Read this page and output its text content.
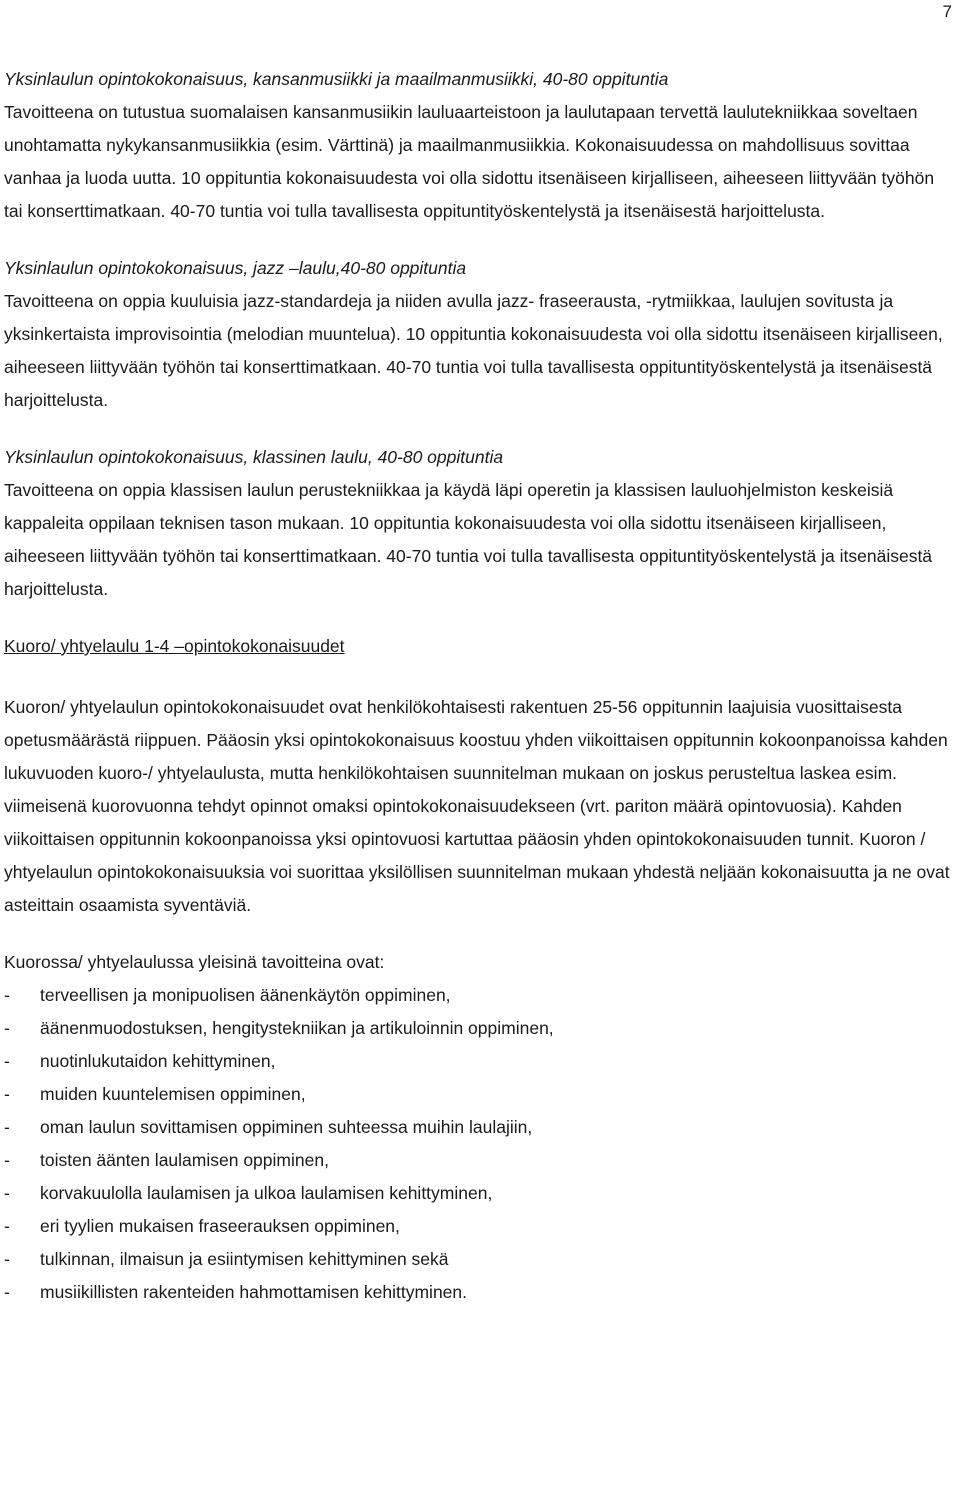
7

Yksinlaulun opintokokonaisuus, kansanmusiikki ja maailmanmusiikki, 40-80 oppituntia
Tavoitteena on tutustua suomalaisen kansanmusiikin lauluaarteistoon ja laulutapaan tervettä laulutekniikkaa soveltaen unohtamatta nykykansanmusiikkia (esim. Värttinä) ja maailmanmusiikkia. Kokonaisuudessa on mahdollisuus sovittaa vanhaa ja luoda uutta. 10 oppituntia kokonaisuudesta voi olla sidottu itsenäiseen kirjalliseen, aiheeseen liittyvään työhön tai konserttimatkaan. 40-70 tuntia voi tulla tavallisesta oppituntityöskentelystä ja itsenäisestä harjoittelusta.

Yksinlaulun opintokokonaisuus, jazz –laulu,40-80 oppituntia
Tavoitteena on oppia kuuluisia jazz-standardeja ja niiden avulla jazz- fraseerausta, -rytmiikkaa, laulujen sovitusta ja yksinkertaista improvisointia (melodian muuntelua). 10 oppituntia kokonaisuudesta voi olla sidottu itsenäiseen kirjalliseen, aiheeseen liittyvään työhön tai konserttimatkaan. 40-70 tuntia voi tulla tavallisesta oppituntityöskentelystä ja itsenäisestä harjoittelusta.

Yksinlaulun opintokokonaisuus, klassinen laulu, 40-80 oppituntia
Tavoitteena on oppia klassisen laulun perustekniikkaa ja käydä läpi operetin ja klassisen lauluohjelmiston keskeisiä kappaleita oppilaan teknisen tason mukaan. 10 oppituntia kokonaisuudesta voi olla sidottu itsenäiseen kirjalliseen, aiheeseen liittyvään työhön tai konserttimatkaan. 40-70 tuntia voi tulla tavallisesta oppituntityöskentelystä ja itsenäisestä harjoittelusta.

Kuoro/ yhtyelaulu 1-4 –opintokokonaisuudet

Kuoron/ yhtyelaulun opintokokonaisuudet ovat henkilökohtaisesti rakentuen 25-56 oppitunnin laajuisia vuosittaisesta opetusmäärästä riippuen. Pääosin yksi opintokokonaisuus koostuu yhden viikoittaisen oppitunnin kokoonpanoissa kahden lukuvuoden kuoro-/ yhtyelaulusta, mutta henkilökohtaisen suunnitelman mukaan on joskus perusteltua laskea esim. viimeisenä kuorovuonna tehdyt opinnot omaksi opintokokonaisuudekseen (vrt. pariton määrä opintovuosia). Kahden viikoittaisen oppitunnin kokoonpanoissa yksi opintovuosi kartuttaa pääosin yhden opintokokonaisuuden tunnit. Kuoron / yhtyelaulun opintokokonaisuuksia voi suorittaa yksilöllisen suunnitelman mukaan yhdestä neljään kokonaisuutta ja ne ovat asteittain osaamista syventäviä.

Kuorossa/ yhtyelaulussa yleisinä tavoitteina ovat:

- terveellisen ja monipuolisen äänenkäytön oppiminen,
- äänenmuodostuksen, hengitystekniikan ja artikuloinnin oppiminen,
- nuotinlukutaidon kehittyminen,
- muiden kuuntelemisen oppiminen,
- oman laulun sovittamisen oppiminen suhteessa muihin laulajiin,
- toisten äänten laulamisen oppiminen,
- korvakuulolla laulamisen ja ulkoa laulamisen kehittyminen,
- eri tyylien mukaisen fraseerauksen oppiminen,
- tulkinnan, ilmaisun ja esiintymisen kehittyminen sekä
- musiikillisten rakenteiden hahmottamisen kehittyminen.
